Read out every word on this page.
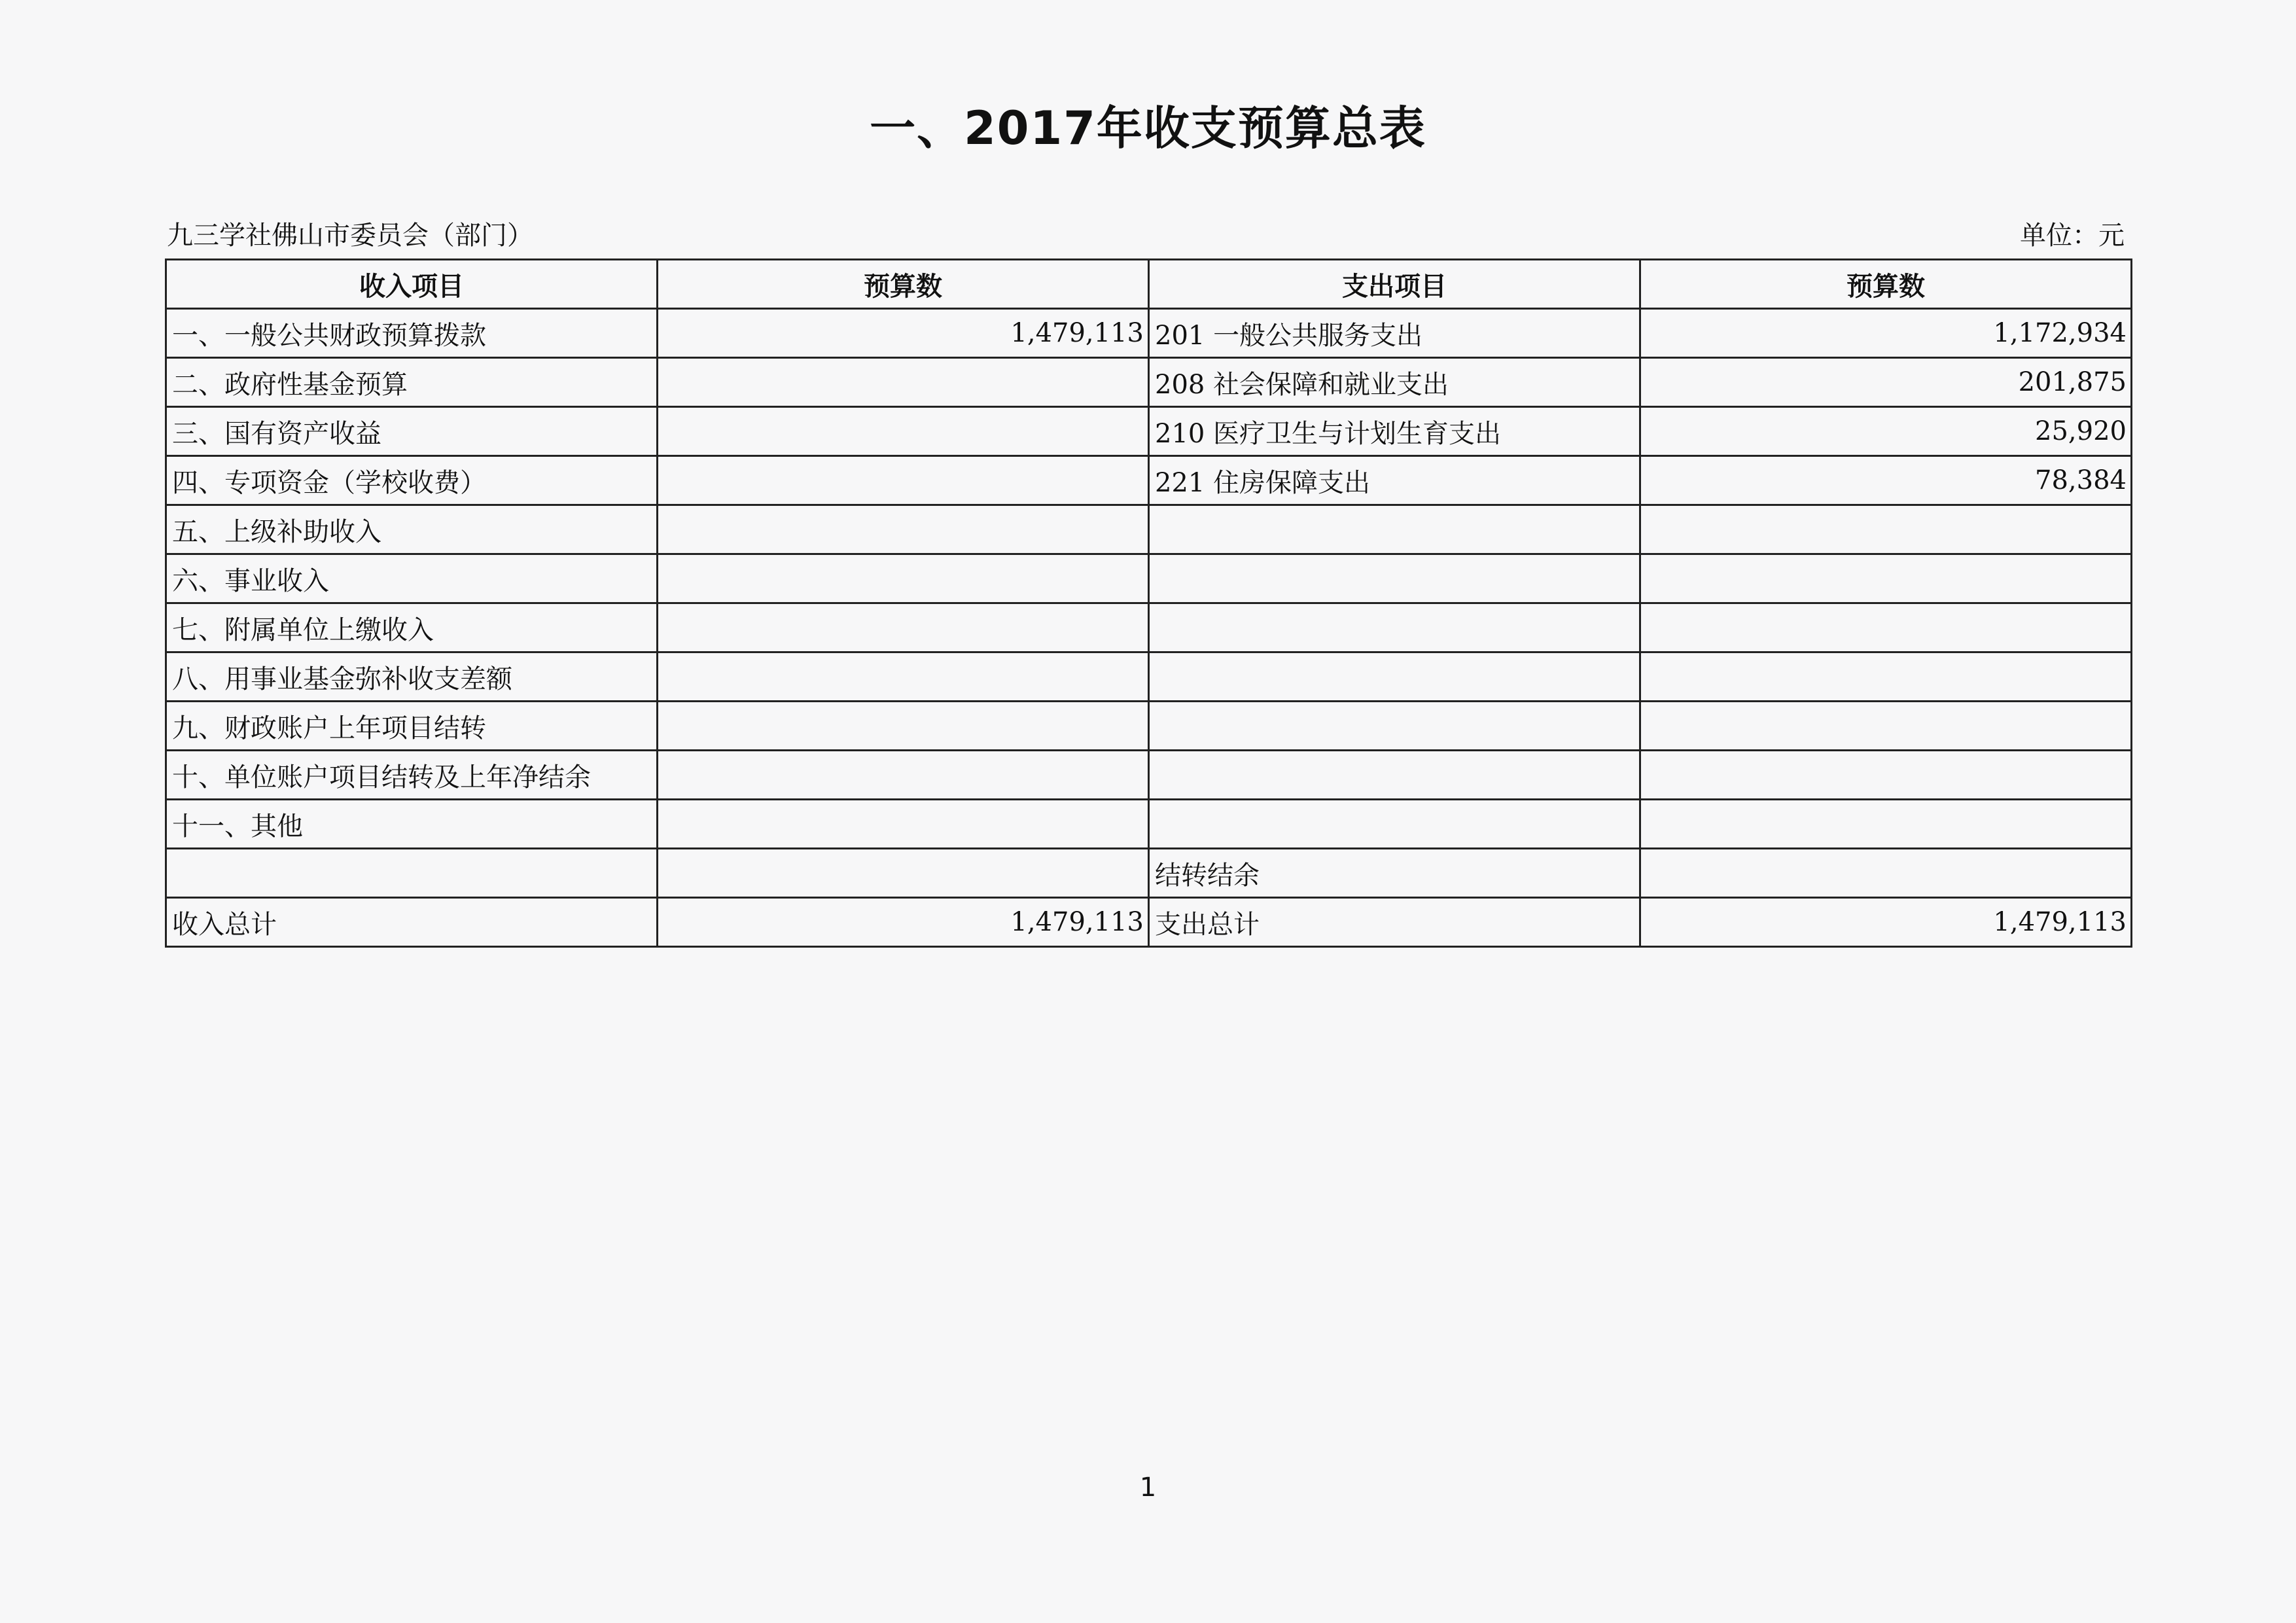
一、2017年收支预算总表
九三学社佛山市委员会（部门）	单位：元
收入项目	预算数	支出项目	预算数
一、一般公共财政预算拨款	1,479,113	201 一般公共服务支出	1,172,934
二、政府性基金预算		208 社会保障和就业支出	201,875
三、国有资产收益		210 医疗卫生与计划生育支出	25,920
四、专项资金（学校收费）		221 住房保障支出	78,384
五、上级补助收入			
六、事业收入			
七、附属单位上缴收入			
八、用事业基金弥补收支差额			
九、财政账户上年项目结转			
十、单位账户项目结转及上年净结余			
十一、其他			
		结转结余	
收入总计	1,479,113	支出总计	1,479,113
1
